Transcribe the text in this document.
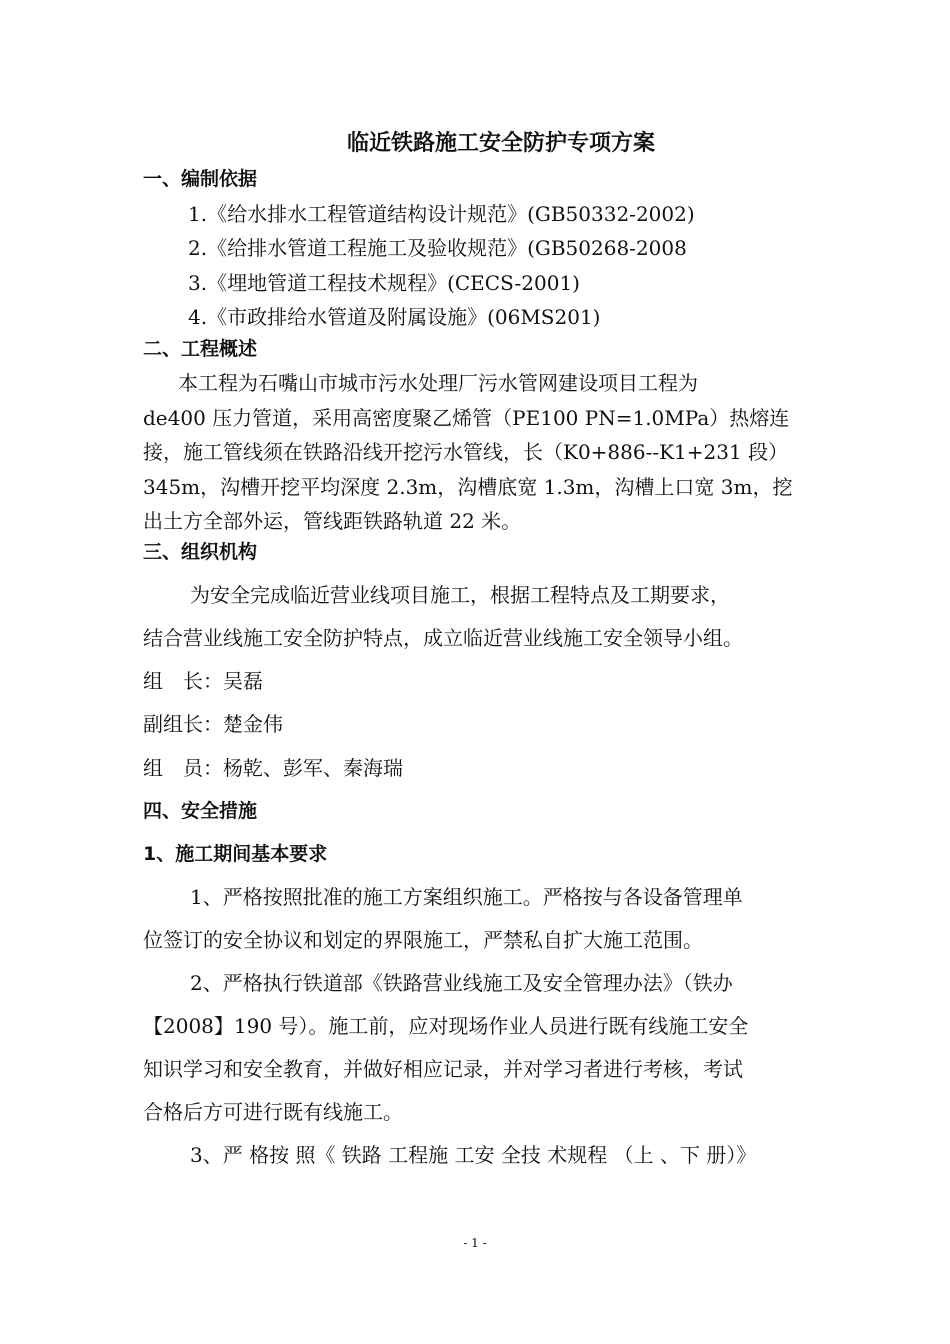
临近铁路施工安全防护专项方案
一、编制依据
1.《给水排水工程管道结构设计规范》(GB50332-2002)
2.《给排水管道工程施工及验收规范》(GB50268-2008
3.《埋地管道工程技术规程》(CECS-2001)
4.《市政排给水管道及附属设施》(06MS201)
二、工程概述
本工程为石嘴山市城市污水处理厂污水管网建设项目工程为
de400 压力管道，采用高密度聚乙烯管（PE100 PN=1.0MPa）热熔连
接，施工管线须在铁路沿线开挖污水管线，长（K0+886--K1+231 段）
345m，沟槽开挖平均深度 2.3m，沟槽底宽 1.3m，沟槽上口宽 3m，挖
出土方全部外运，管线距铁路轨道 22 米。
三、组织机构
为安全完成临近营业线项目施工，根据工程特点及工期要求，
结合营业线施工安全防护特点，成立临近营业线施工安全领导小组。
组　长：吴磊
副组长：楚金伟
组　员：杨乾、彭军、秦海瑞
四、安全措施
1、施工期间基本要求
1、严格按照批准的施工方案组织施工。严格按与各设备管理单
位签订的安全协议和划定的界限施工，严禁私自扩大施工范围。
2、严格执行铁道部《铁路营业线施工及安全管理办法》（铁办
【2008】190 号）。施工前，应对现场作业人员进行既有线施工安全
知识学习和安全教育，并做好相应记录，并对学习者进行考核，考试
合格后方可进行既有线施工。
3、严 格按 照《 铁路 工程施 工安 全技 术规程 （上 、下 册）》
- 1 -
